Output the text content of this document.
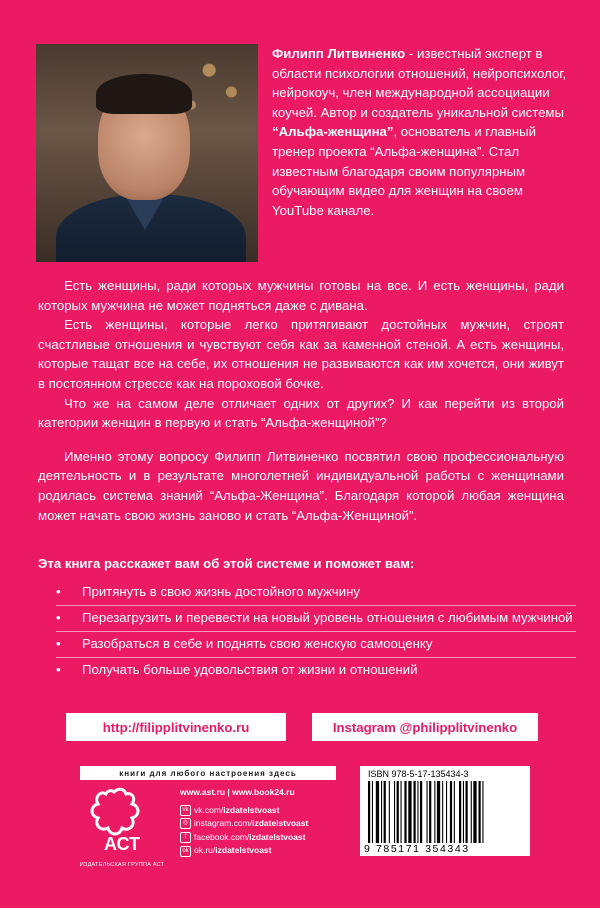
Филипп Литвиненко - известный эксперт в области психологии отношений, нейропсихолог, нейрокоуч, член международной ассоциации коучей. Автор и создатель уникальной системы “Альфа-женщина”, основатель и главный тренер проекта “Альфа-женщина”. Стал известным благодаря своим популярным обучающим видео для женщин на своем YouTube канале.

Есть женщины, ради которых мужчины готовы на все. И есть женщины, ради которых мужчина не может подняться даже с дивана.

Есть женщины, которые легко притягивают достойных мужчин, строят счастливые отношения и чувствуют себя как за каменной стеной. А есть женщины, которые тащат все на себе, их отношения не развиваются как им хочется, они живут в постоянном стрессе как на пороховой бочке.

Что же на самом деле отличает одних от других? И как перейти из второй категории женщин в первую и стать “Альфа-женщиной”?

Именно этому вопросу Филипп Литвиненко посвятил свою профессиональную деятельность и в результате многолетней индивидуальной работы с женщинами родилась система знаний “Альфа-Женщина”. Благодаря которой любая женщина может начать свою жизнь заново и стать “Альфа-Женщиной”.

Эта книга расскажет вам об этой системе и поможет вам:
•	Притянуть в свою жизнь достойного мужчину
•	Перезагрузить и перевести на новый уровень отношения с любимым мужчиной
•	Разобраться в себе и поднять свою женскую самооценку
•	Получать больше удовольствия от жизни и отношений
http://filipplitvinenko.ru	Instagram @philipplitvinenko
книги для любого настроения здесь
АСТ
ИЗДАТЕЛЬСКАЯ ГРУППА АСТ
www.ast.ru | www.book24.ru
vk vk.com/ izdatelstvoast
◎ instagram.com/ izdatelstvoast
f facebook.com/ izdatelstvoast
ok ok.ru/ izdatelstvoast
ISBN 978-5-17-135434-3
9 785171 354343
